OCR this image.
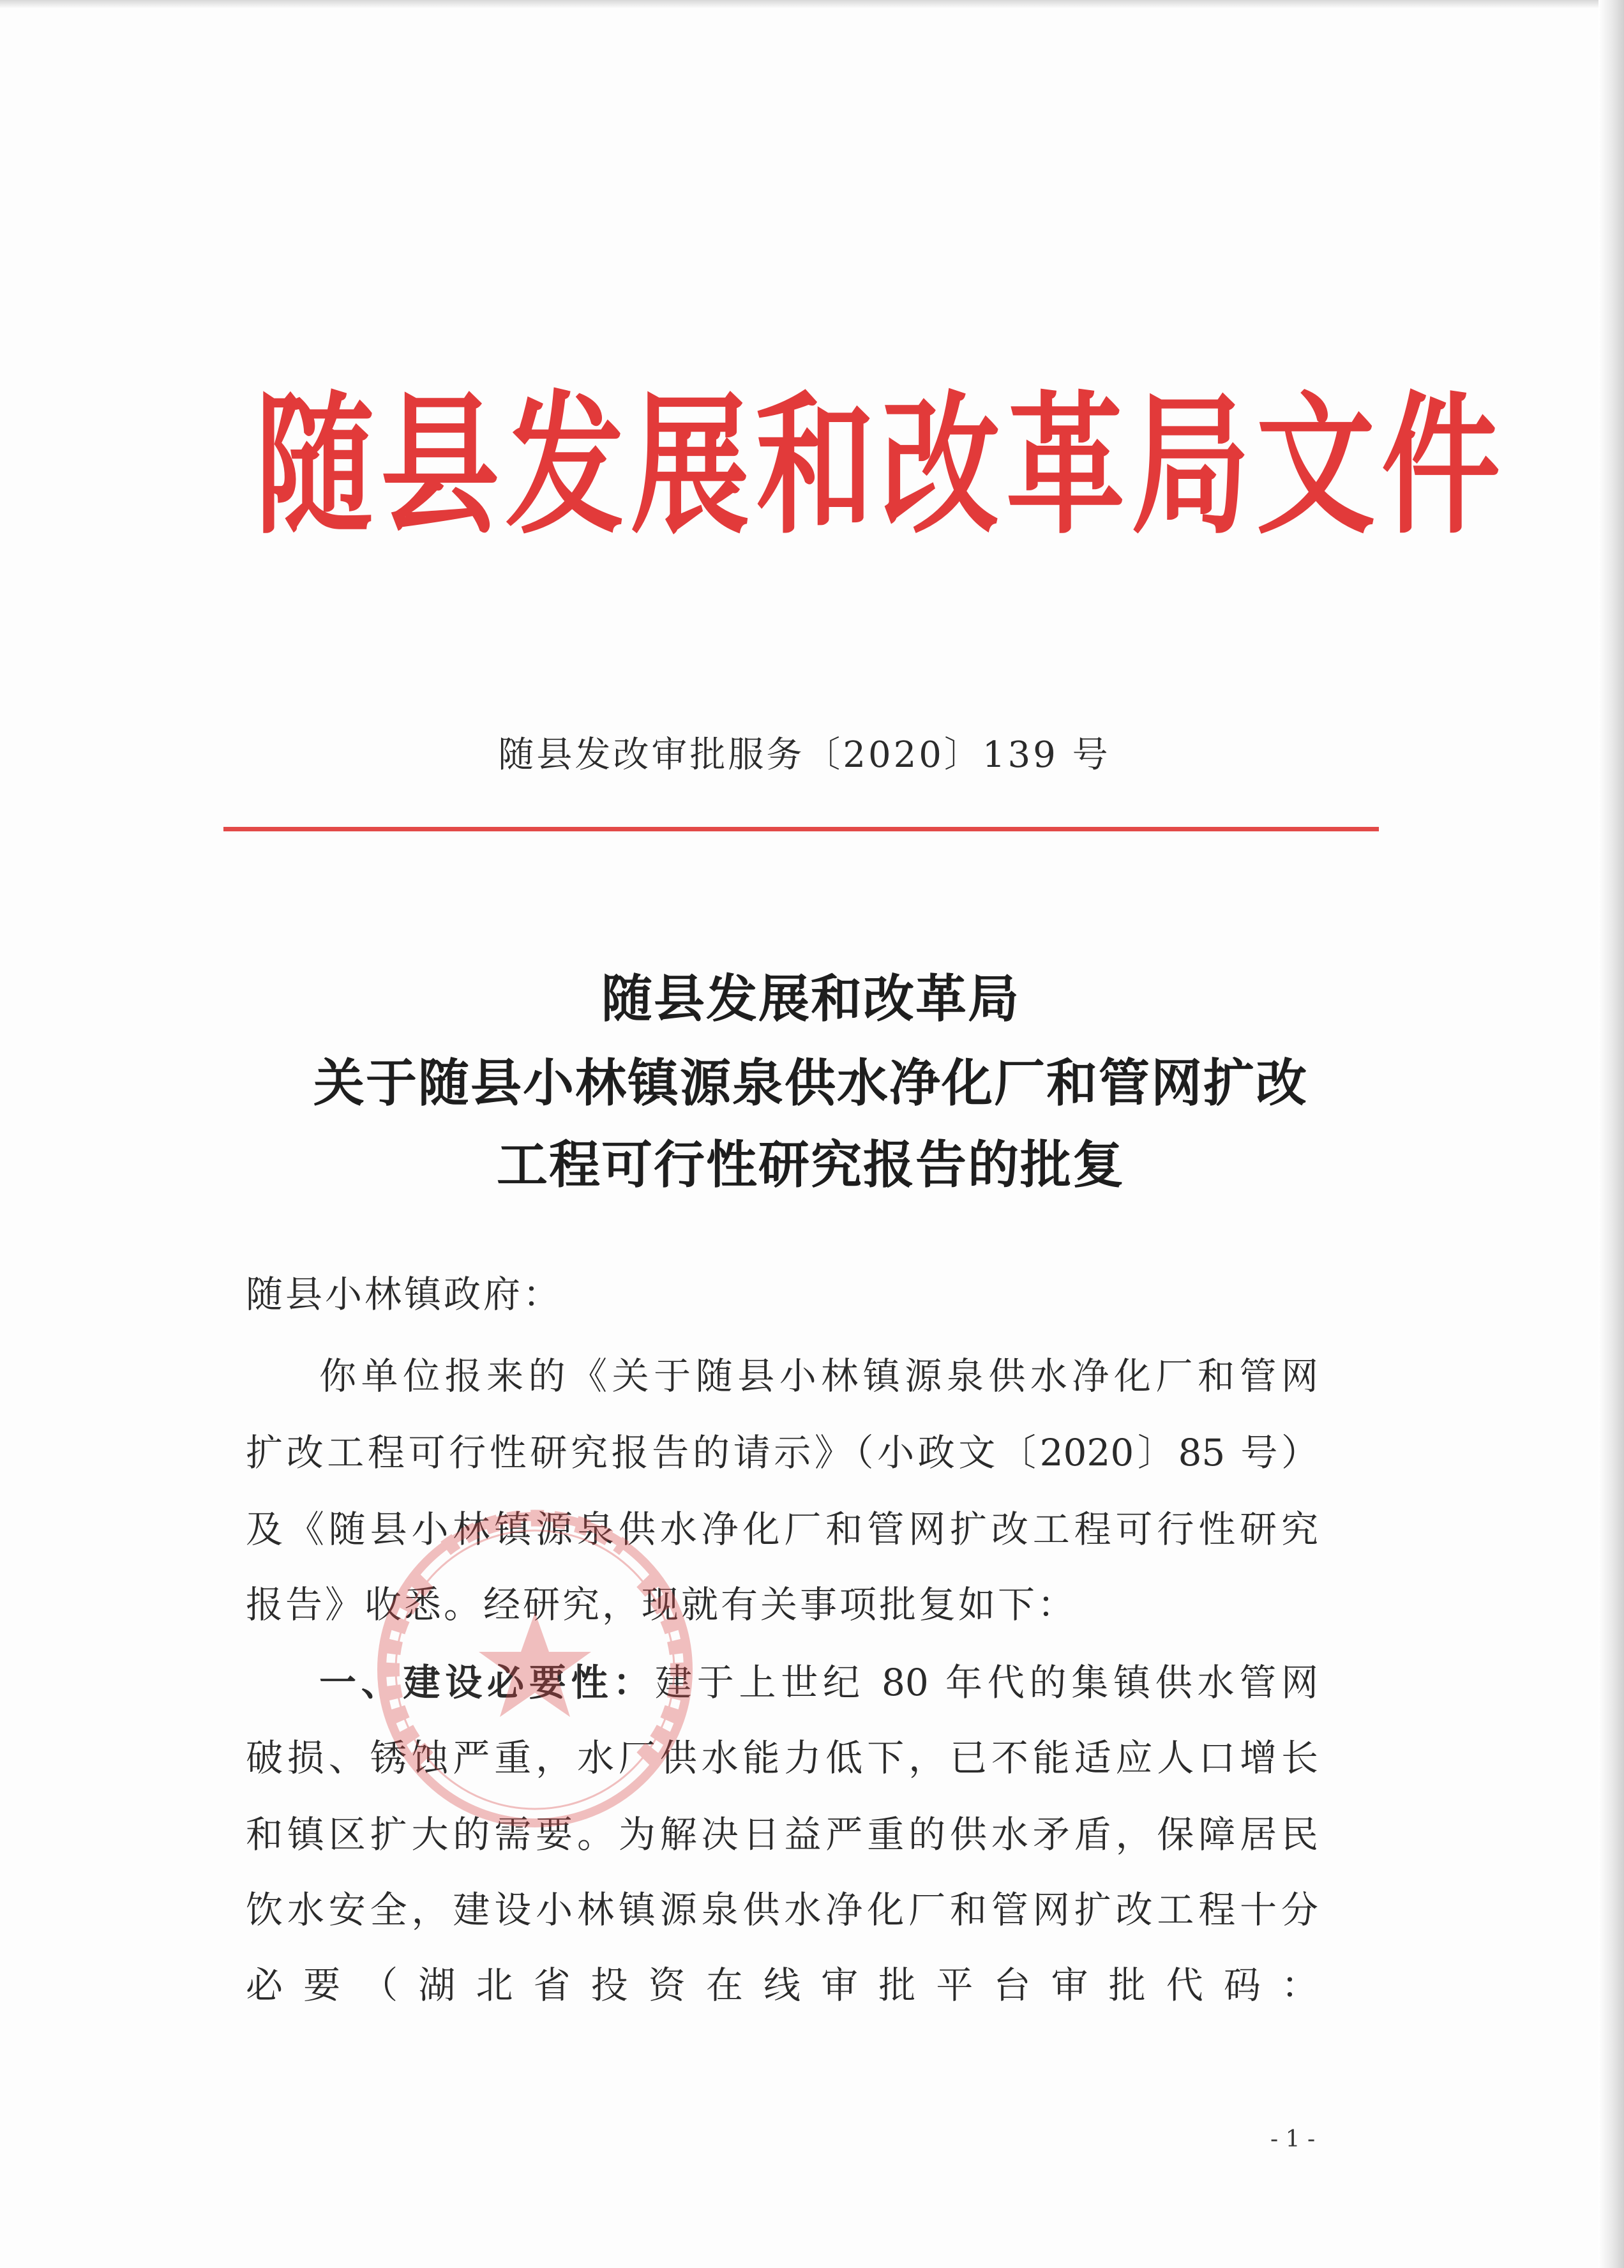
随县发展和改革局文件
随县发改审批服务〔2020〕139 号
随县发展和改革局
关于随县小林镇源泉供水净化厂和管网扩改
工程可行性研究报告的批复
随县小林镇政府：
你单位报来的《关于随县小林镇源泉供水净化厂和管网
扩改工程可行性研究报告的请示》（小政文〔2020〕85 号）
及《随县小林镇源泉供水净化厂和管网扩改工程可行性研究
报告》收悉。经研究，现就有关事项批复如下：
一、建设必要性：建于上世纪 80 年代的集镇供水管网
破损、锈蚀严重，水厂供水能力低下，已不能适应人口增长
和镇区扩大的需要。为解决日益严重的供水矛盾，保障居民
饮水安全，建设小林镇源泉供水净化厂和管网扩改工程十分
必要（湖北省投资在线审批平台审批代码：
- 1 -
